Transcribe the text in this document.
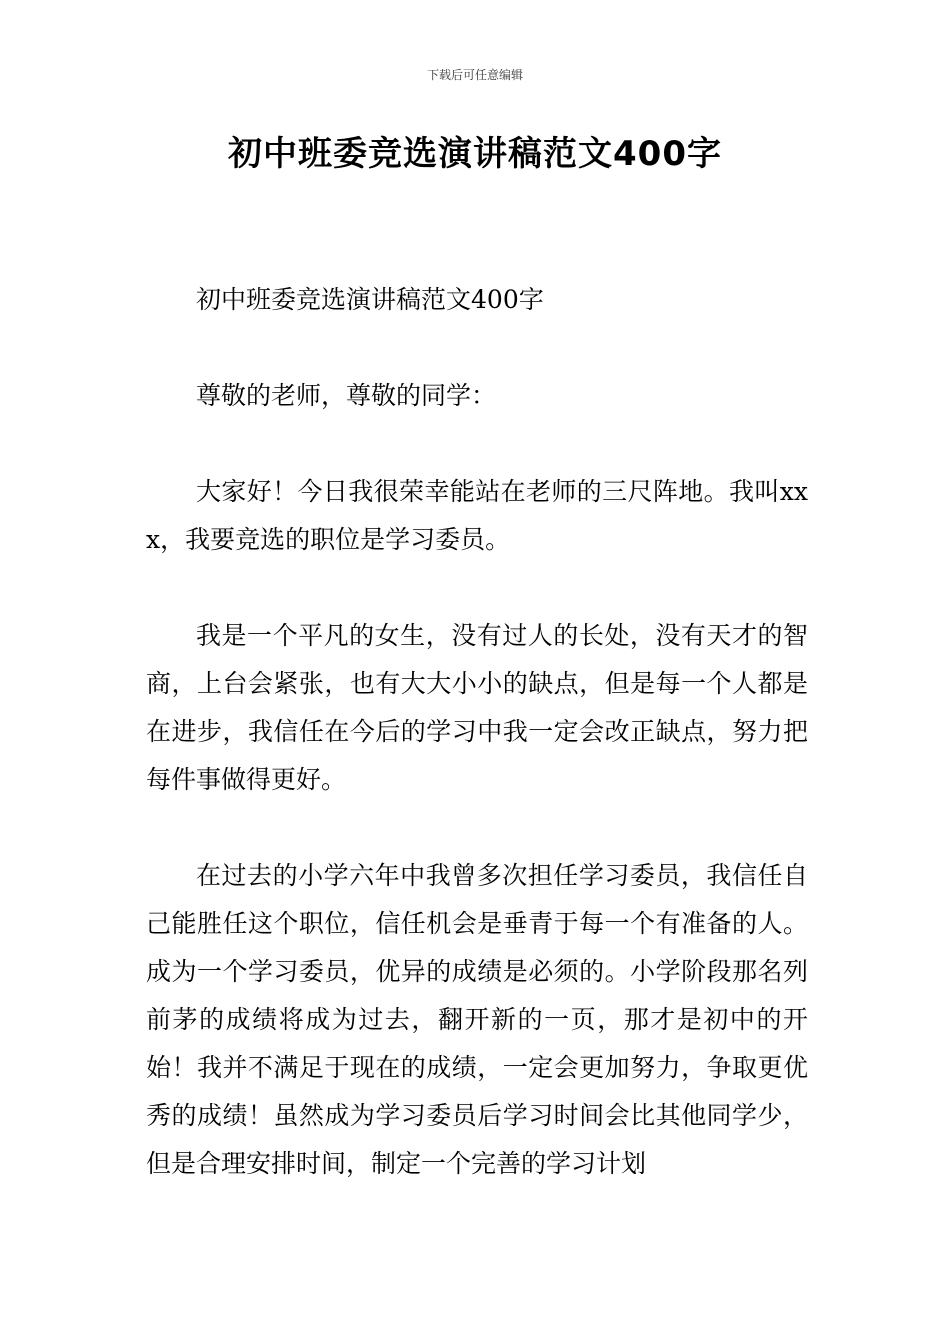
下载后可任意编辑
初中班委竞选演讲稿范文400字

初中班委竞选演讲稿范文400字

尊敬的老师，尊敬的同学：

大家好！今日我很荣幸能站在老师的三尺阵地。我叫xxx，我要竞选的职位是学习委员。

我是一个平凡的女生，没有过人的长处，没有天才的智商，上台会紧张，也有大大小小的缺点，但是每一个人都是在进步，我信任在今后的学习中我一定会改正缺点，努力把每件事做得更好。

在过去的小学六年中我曾多次担任学习委员，我信任自己能胜任这个职位，信任机会是垂青于每一个有准备的人。成为一个学习委员，优异的成绩是必须的。小学阶段那名列前茅的成绩将成为过去，翻开新的一页，那才是初中的开始！我并不满足于现在的成绩，一定会更加努力，争取更优秀的成绩！虽然成为学习委员后学习时间会比其他同学少，但是合理安排时间，制定一个完善的学习计划
